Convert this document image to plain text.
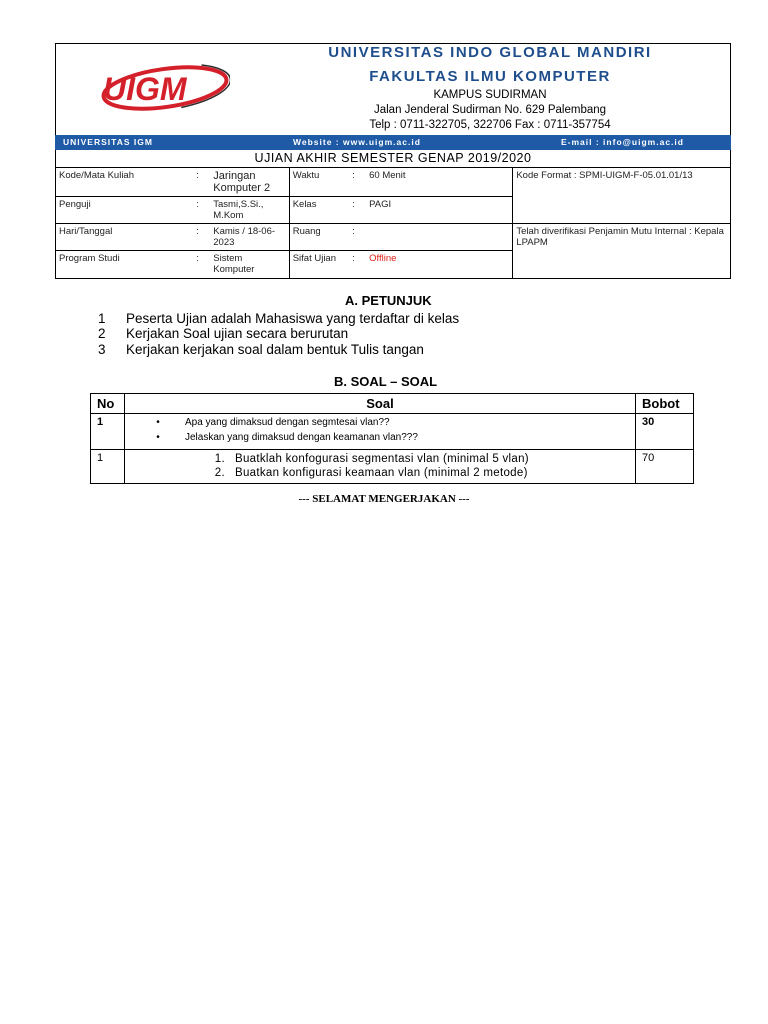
UIGM
UNIVERSITAS INDO GLOBAL MANDIRI
FAKULTAS ILMU KOMPUTER
KAMPUS SUDIRMAN
Jalan Jenderal Sudirman No. 629 Palembang
Telp : 0711-322705, 322706 Fax : 0711-357754
UNIVERSITAS IGM	Website : www.uigm.ac.id	E-mail : info@uigm.ac.id
UJIAN AKHIR SEMESTER GENAP 2019/2020
Kode/Mata Kuliah	:	Jaringan Komputer 2	Waktu	:	60 Menit	Kode Format : SPMI-UIGM-F-05.01.01/13
Penguji	:	Tasmi,S.Si., M.Kom	Kelas	:	PAGI	
Hari/Tanggal	:	Kamis / 18-06-2023	Ruang	:		Telah diverifikasi Penjamin Mutu Internal : Kepala LPAPM
Program Studi	:	Sistem Komputer	Sifat Ujian	:	Offline	
A. PETUNJUK
1 Peserta Ujian adalah Mahasiswa yang terdaftar di kelas
2 Kerjakan Soal ujian secara berurutan
3 Kerjakan kerjakan soal dalam bentuk Tulis tangan
B. SOAL – SOAL
No	Soal	Bobot
1	• Apa yang dimaksud dengan segmtesai vlan??
• Jelaskan yang dimaksud dengan keamanan vlan???	30
1	1. Buatklah konfogurasi segmentasi vlan (minimal 5 vlan)
2. Buatkan konfigurasi keamaan vlan (minimal 2 metode)	70
--- SELAMAT MENGERJAKAN ---
